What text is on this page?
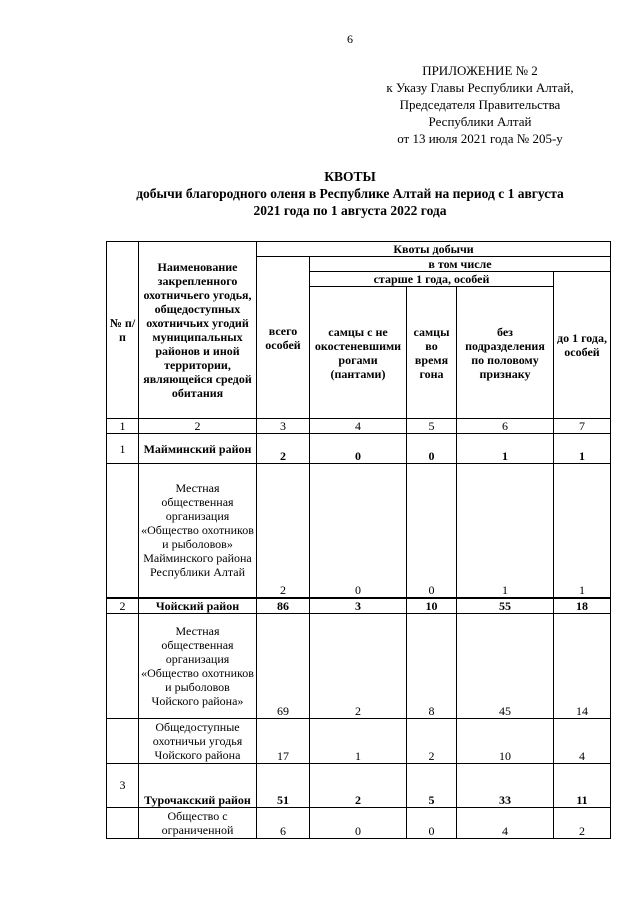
6
ПРИЛОЖЕНИЕ № 2
к Указу Главы Республики Алтай,
Председателя Правительства
Республики Алтай
от 13 июля 2021 года № 205-у
КВОТЫ
добычи благородного оленя в Республике Алтай на период с 1 августа
2021 года по 1 августа 2022 года
№ п/п	Наименование закрепленного охотничьего угодья, общедоступных охотничьих угодий муниципальных районов и иной территории, являющейся средой обитания	Квоты добычи				
		всего особей	в том числе			
			старше 1 года, особей			до 1 года, особей
			самцы с не окостеневшими рогами (пантами)	самцы во время гона	без подразделения по половому признаку	
1	2	3	4	5	6	7
1	Майминский район	2	0	0	1	1
	Местная общественная организация «Общество охотников и рыболовов» Майминского района Республики Алтай	2	0	0	1	1
2	Чойский район	86	3	10	55	18
	Местная общественная организация «Общество охотников и рыболовов Чойского района»	69	2	8	45	14
	Общедоступные охотничьи угодья Чойского района	17	1	2	10	4
3	Турочакский район	51	2	5	33	11
	Общество с ограниченной	6	0	0	4	2
